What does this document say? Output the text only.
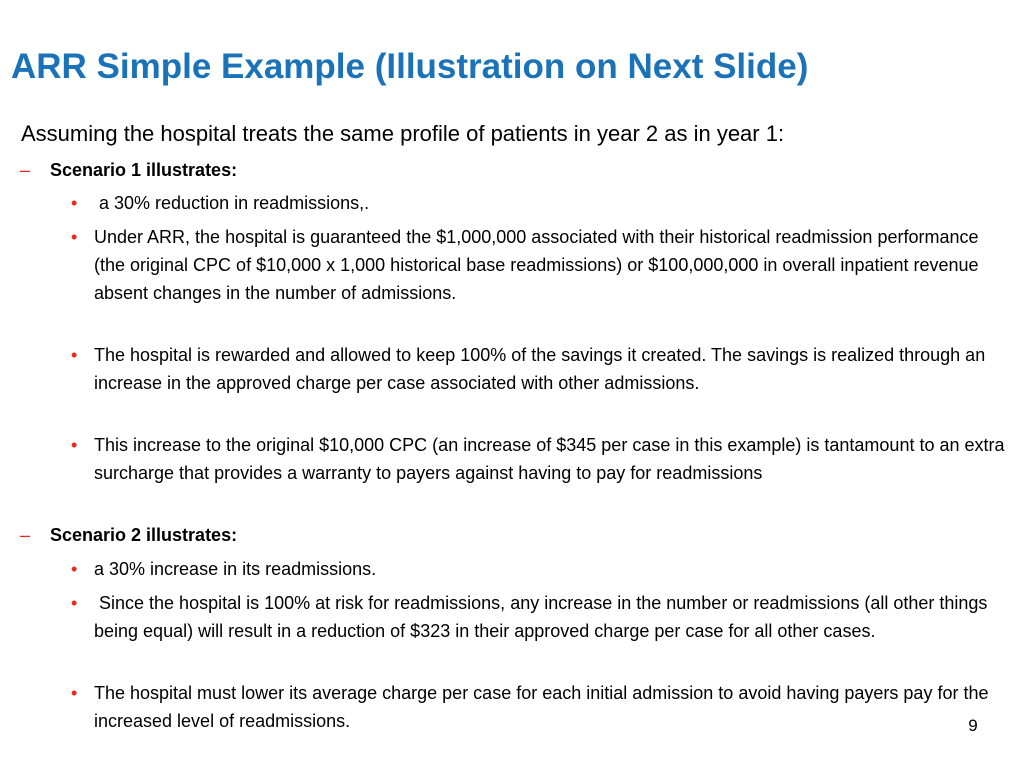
ARR Simple Example (Illustration on Next Slide)
Assuming the hospital treats the same profile of patients in year 2 as in year 1:
– Scenario 1 illustrates:
• a 30% reduction in readmissions,.
• Under ARR, the hospital is guaranteed the $1,000,000 associated with their historical readmission performance (the original CPC of $10,000 x 1,000 historical base readmissions) or $100,000,000 in overall inpatient revenue absent changes in the number of admissions.
• The hospital is rewarded and allowed to keep 100% of the savings it created. The savings is realized through an increase in the approved charge per case associated with other admissions.
• This increase to the original $10,000 CPC (an increase of $345 per case in this example) is tantamount to an extra surcharge that provides a warranty to payers against having to pay for readmissions
– Scenario 2 illustrates:
• a 30% increase in its readmissions.
• Since the hospital is 100% at risk for readmissions, any increase in the number or readmissions (all other things being equal) will result in a reduction of $323 in their approved charge per case for all other cases.
• The hospital must lower its average charge per case for each initial admission to avoid having payers pay for the increased level of readmissions.	9
